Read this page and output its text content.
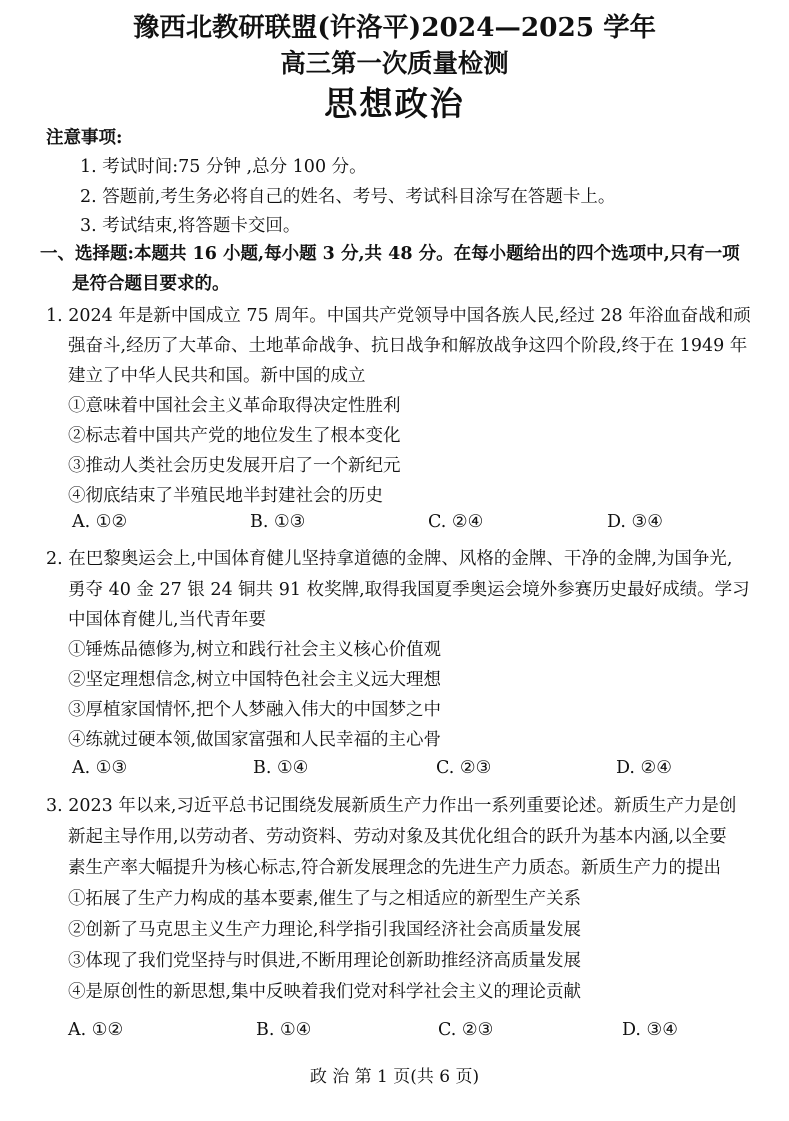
豫西北教研联盟(许洛平)2024—2025 学年
高三第一次质量检测
思想政治
注意事项:
1. 考试时间:75 分钟 ,总分 100 分。
2. 答题前,考生务必将自己的姓名、考号、考试科目涂写在答题卡上。
3. 考试结束,将答题卡交回。
一、选择题:本题共 16 小题,每小题 3 分,共 48 分。在每小题给出的四个选项中,只有一项
是符合题目要求的。
1. 2024 年是新中国成立 75 周年。中国共产党领导中国各族人民,经过 28 年浴血奋战和顽
强奋斗,经历了大革命、土地革命战争、抗日战争和解放战争这四个阶段,终于在 1949 年
建立了中华人民共和国。新中国的成立
①意味着中国社会主义革命取得决定性胜利
②标志着中国共产党的地位发生了根本变化
③推动人类社会历史发展开启了一个新纪元
④彻底结束了半殖民地半封建社会的历史
A. ①②	B. ①③	C. ②④	D. ③④
2. 在巴黎奥运会上,中国体育健儿坚持拿道德的金牌、风格的金牌、干净的金牌,为国争光,
勇夺 40 金 27 银 24 铜共 91 枚奖牌,取得我国夏季奥运会境外参赛历史最好成绩。学习
中国体育健儿,当代青年要
①锤炼品德修为,树立和践行社会主义核心价值观
②坚定理想信念,树立中国特色社会主义远大理想
③厚植家国情怀,把个人梦融入伟大的中国梦之中
④练就过硬本领,做国家富强和人民幸福的主心骨
A. ①③	B. ①④	C. ②③	D. ②④
3. 2023 年以来,习近平总书记围绕发展新质生产力作出一系列重要论述。新质生产力是创
新起主导作用,以劳动者、劳动资料、劳动对象及其优化组合的跃升为基本内涵,以全要
素生产率大幅提升为核心标志,符合新发展理念的先进生产力质态。新质生产力的提出
①拓展了生产力构成的基本要素,催生了与之相适应的新型生产关系
②创新了马克思主义生产力理论,科学指引我国经济社会高质量发展
③体现了我们党坚持与时俱进,不断用理论创新助推经济高质量发展
④是原创性的新思想,集中反映着我们党对科学社会主义的理论贡献
A. ①②	B. ①④	C. ②③	D. ③④
政 治 第 1 页(共 6 页)
